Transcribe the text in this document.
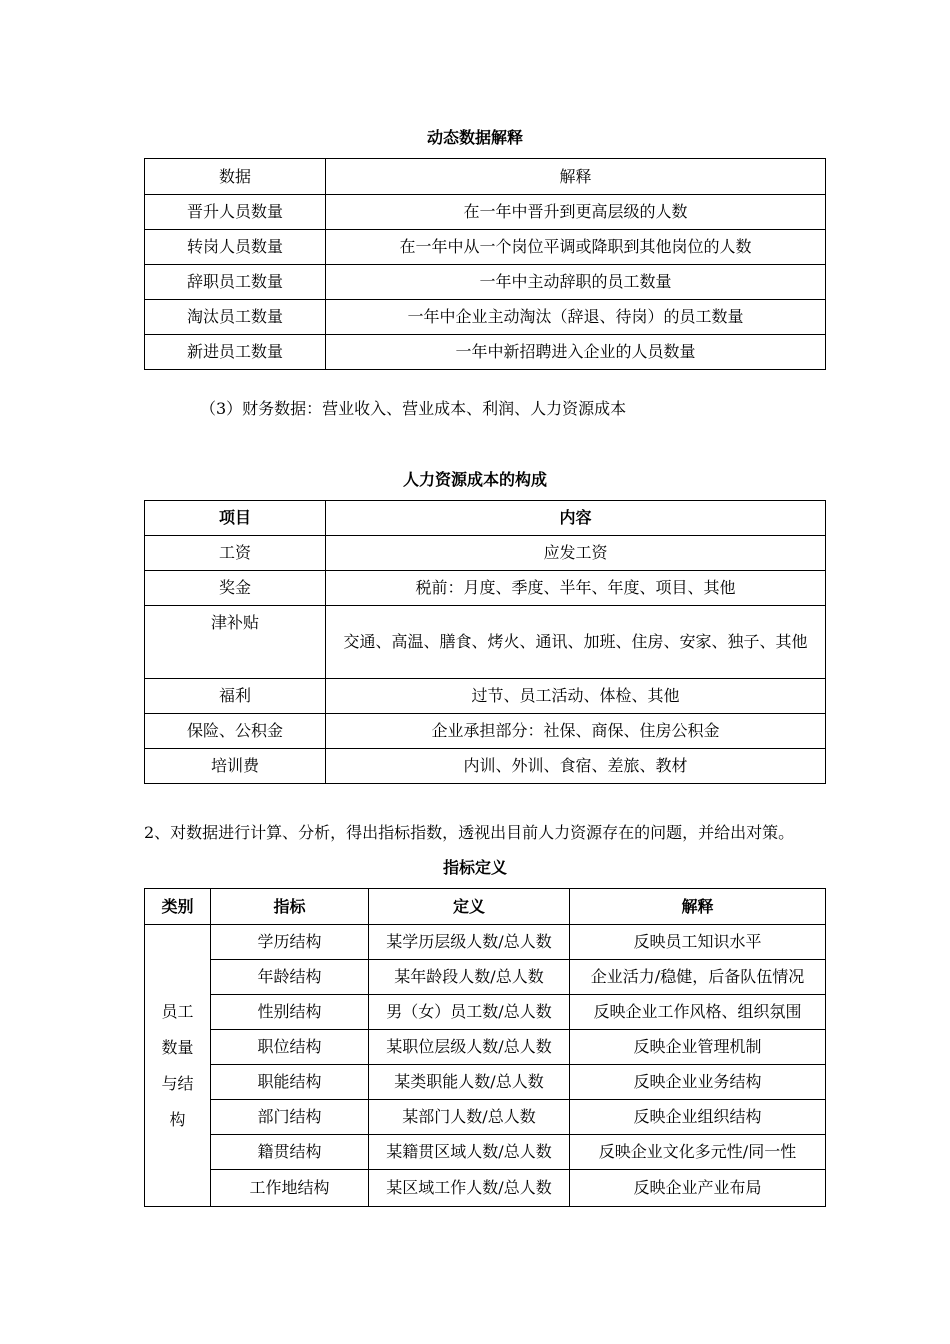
动态数据解释
数据	解释
晋升人员数量	在一年中晋升到更高层级的人数
转岗人员数量	在一年中从一个岗位平调或降职到其他岗位的人数
辞职员工数量	一年中主动辞职的员工数量
淘汰员工数量	一年中企业主动淘汰（辞退、待岗）的员工数量
新进员工数量	一年中新招聘进入企业的人员数量
（3）财务数据：营业收入、营业成本、利润、人力资源成本
人力资源成本的构成
项目	内容
工资	应发工资
奖金	税前：月度、季度、半年、年度、项目、其他
津补贴	交通、高温、膳食、烤火、通讯、加班、住房、安家、独子、其他
福利	过节、员工活动、体检、其他
保险、公积金	企业承担部分：社保、商保、住房公积金
培训费	内训、外训、食宿、差旅、教材
2、对数据进行计算、分析，得出指标指数，透视出目前人力资源存在的问题，并给出对策。
指标定义
类别	指标	定义	解释

员工
数量
与结
构	学历结构	某学历层级人数/总人数	反映员工知识水平
	年龄结构	某年龄段人数/总人数	企业活力/稳健，后备队伍情况
	性别结构	男（女）员工数/总人数	反映企业工作风格、组织氛围
	职位结构	某职位层级人数/总人数	反映企业管理机制
	职能结构	某类职能人数/总人数	反映企业业务结构
	部门结构	某部门人数/总人数	反映企业组织结构
	籍贯结构	某籍贯区域人数/总人数	反映企业文化多元性/同一性
	工作地结构	某区域工作人数/总人数	反映企业产业布局
